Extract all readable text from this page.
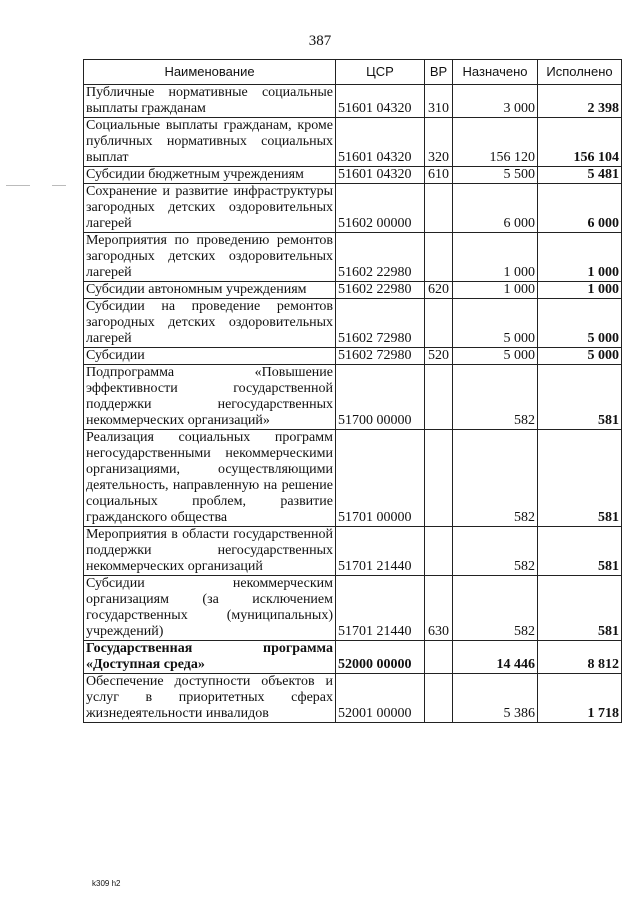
387
Наименование	ЦСР	ВР	Назначено	Исполнено
Публичные нормативные социальные выплаты гражданам	51601 04320	310	3 000	2 398
Социальные выплаты гражданам, кроме публичных нормативных социальных выплат	51601 04320	320	156 120	156 104
Субсидии бюджетным учреждениям	51601 04320	610	5 500	5 481
Сохранение и развитие инфраструктуры загородных детских оздоровительных лагерей	51602 00000		6 000	6 000
Мероприятия по проведению ремонтов загородных детских оздоровительных лагерей	51602 22980		1 000	1 000
Субсидии автономным учреждениям	51602 22980	620	1 000	1 000
Субсидии на проведение ремонтов загородных детских оздоровительных лагерей	51602 72980		5 000	5 000
Субсидии	51602 72980	520	5 000	5 000
Подпрограмма «Повышение эффективности государственной поддержки негосударственных некоммерческих организаций»	51700 00000		582	581
Реализация социальных программ негосударственными некоммерческими организациями, осуществляющими деятельность, направленную на решение социальных проблем, развитие гражданского общества	51701 00000		582	581
Мероприятия в области государственной поддержки негосударственных некоммерческих организаций	51701 21440		582	581
Субсидии некоммерческим организациям (за исключением государственных (муниципальных) учреждений)	51701 21440	630	582	581
Государственная программа «Доступная среда»	52000 00000		14 446	8 812
Обеспечение доступности объектов и услуг в приоритетных сферах жизнедеятельности инвалидов	52001 00000		5 386	1 718
k309 h2
